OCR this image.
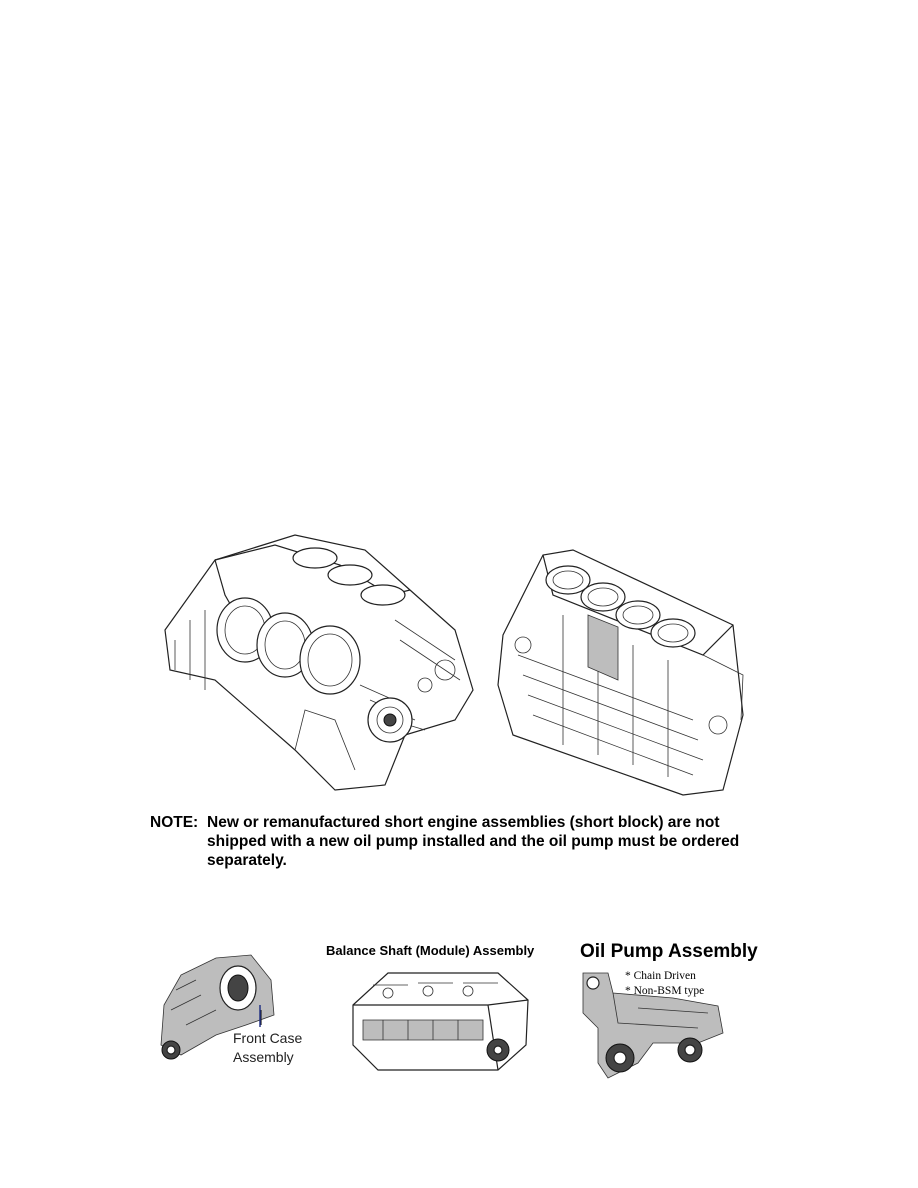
NOTE: New or remanufactured short engine assemblies (short block) are not
shipped with a new oil pump installed and the oil pump must be ordered
separately.
Front Case
Assembly
Balance Shaft (Module) Assembly Oil Pump Assembly
* Chain Driven
* Non-BSM type
